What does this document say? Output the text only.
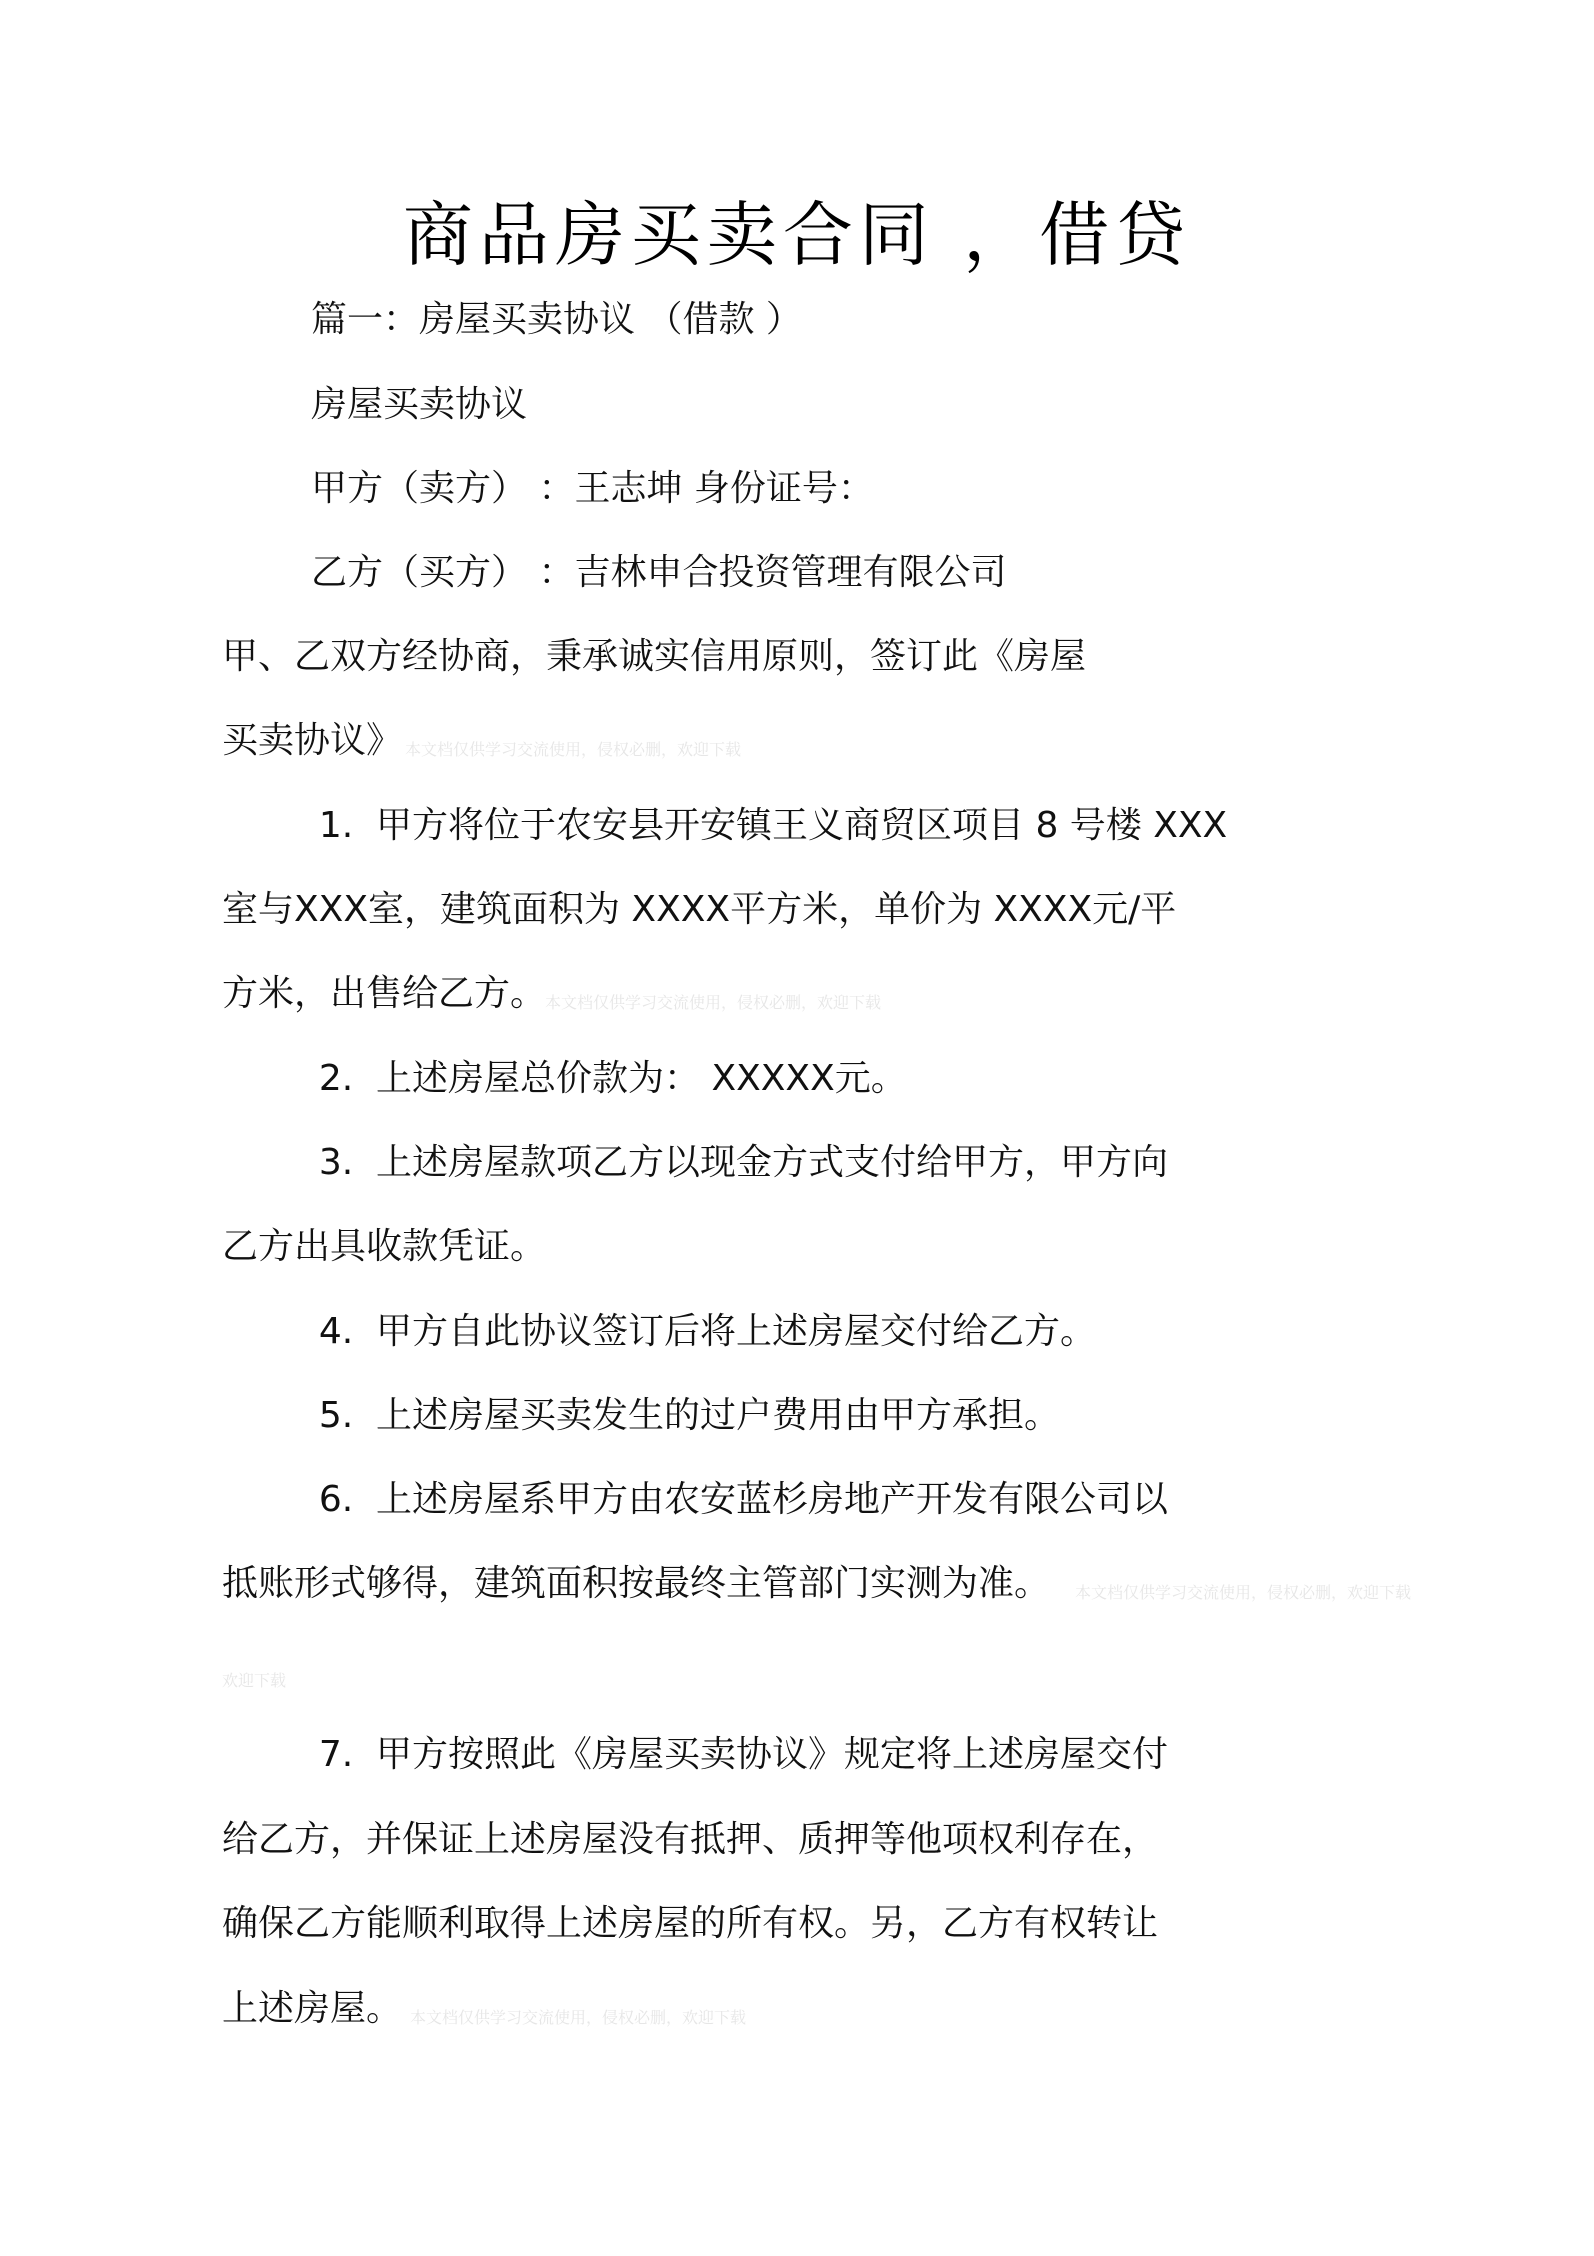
商品房买卖合同 ，借贷
篇一：房屋买卖协议 （借款 ）
房屋买卖协议
甲方（卖方） ：王志坤 身份证号：
乙方（买方） ：吉林申合投资管理有限公司
甲、乙双方经协商，秉承诚实信用原则，签订此《房屋
买卖协议》 本文档仅供学习交流使用，侵权必删，欢迎下载
1. 甲方将位于农安县开安镇王义商贸区项目 8 号楼 XXX
室与XXX室，建筑面积为 XXXX平方米，单价为 XXXX元/平
方米，出售给乙方。
本文档仅供学习交流使用，侵权必删，欢迎下载
2. 上述房屋总价款为： XXXXX元。
3. 上述房屋款项乙方以现金方式支付给甲方，甲方向
乙方出具收款凭证。
4. 甲方自此协议签订后将上述房屋交付给乙方。
5. 上述房屋买卖发生的过户费用由甲方承担。
6. 上述房屋系甲方由农安蓝杉房地产开发有限公司以
抵账形式够得，建筑面积按最终主管部门实测为准。 本文档仅供学习交流使用，侵权必删，欢迎下载
欢迎下载
7. 甲方按照此《房屋买卖协议》规定将上述房屋交付
给乙方，并保证上述房屋没有抵押、质押等他项权利存在，
确保乙方能顺利取得上述房屋的所有权。另，乙方有权转让
上述房屋。 本文档仅供学习交流使用，侵权必删，欢迎下载
